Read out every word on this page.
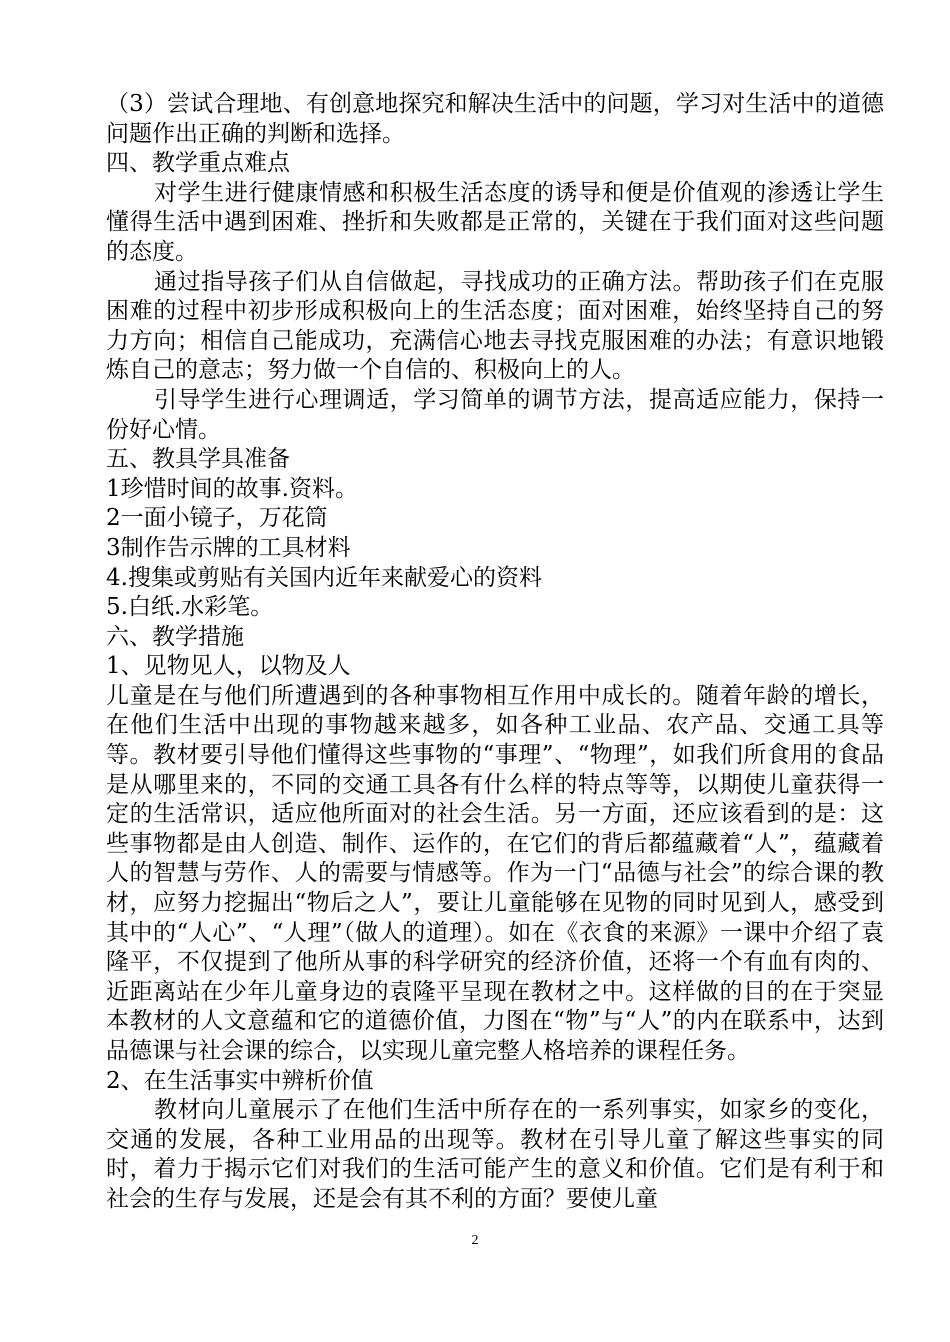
（3）尝试合理地、有创意地探究和解决生活中的问题，学习对生活中的道德问题作出正确的判断和选择。

四、教学重点难点

对学生进行健康情感和积极生活态度的诱导和便是价值观的渗透让学生懂得生活中遇到困难、挫折和失败都是正常的，关键在于我们面对这些问题的态度。

通过指导孩子们从自信做起，寻找成功的正确方法。帮助孩子们在克服困难的过程中初步形成积极向上的生活态度；面对困难，始终坚持自己的努力方向；相信自己能成功，充满信心地去寻找克服困难的办法；有意识地锻炼自己的意志；努力做一个自信的、积极向上的人。

引导学生进行心理调适，学习简单的调节方法，提高适应能力，保持一份好心情。

五、教具学具准备

1珍惜时间的故事.资料。

2一面小镜子，万花筒

3制作告示牌的工具材料

4.搜集或剪贴有关国内近年来献爱心的资料

5.白纸.水彩笔。

六、教学措施

1、见物见人，以物及人

儿童是在与他们所遭遇到的各种事物相互作用中成长的。随着年龄的增长，在他们生活中出现的事物越来越多，如各种工业品、农产品、交通工具等等。教材要引导他们懂得这些事物的“事理”、“物理”，如我们所食用的食品是从哪里来的，不同的交通工具各有什么样的特点等等，以期使儿童获得一定的生活常识，适应他所面对的社会生活。另一方面，还应该看到的是：这些事物都是由人创造、制作、运作的，在它们的背后都蕴藏着“人”，蕴藏着人的智慧与劳作、人的需要与情感等。作为一门“品德与社会”的综合课的教材，应努力挖掘出“物后之人”，要让儿童能够在见物的同时见到人，感受到其中的“人心”、“人理”（做人的道理）。如在《衣食的来源》一课中介绍了袁隆平，不仅提到了他所从事的科学研究的经济价值，还将一个有血有肉的、近距离站在少年儿童身边的袁隆平呈现在教材之中。这样做的目的在于突显本教材的人文意蕴和它的道德价值，力图在“物”与“人”的内在联系中，达到品德课与社会课的综合，以实现儿童完整人格培养的课程任务。

2、在生活事实中辨析价值

教材向儿童展示了在他们生活中所存在的一系列事实，如家乡的变化，交通的发展，各种工业用品的出现等。教材在引导儿童了解这些事实的同时，着力于揭示它们对我们的生活可能产生的意义和价值。它们是有利于和社会的生存与发展，还是会有其不利的方面？要使儿童

2
